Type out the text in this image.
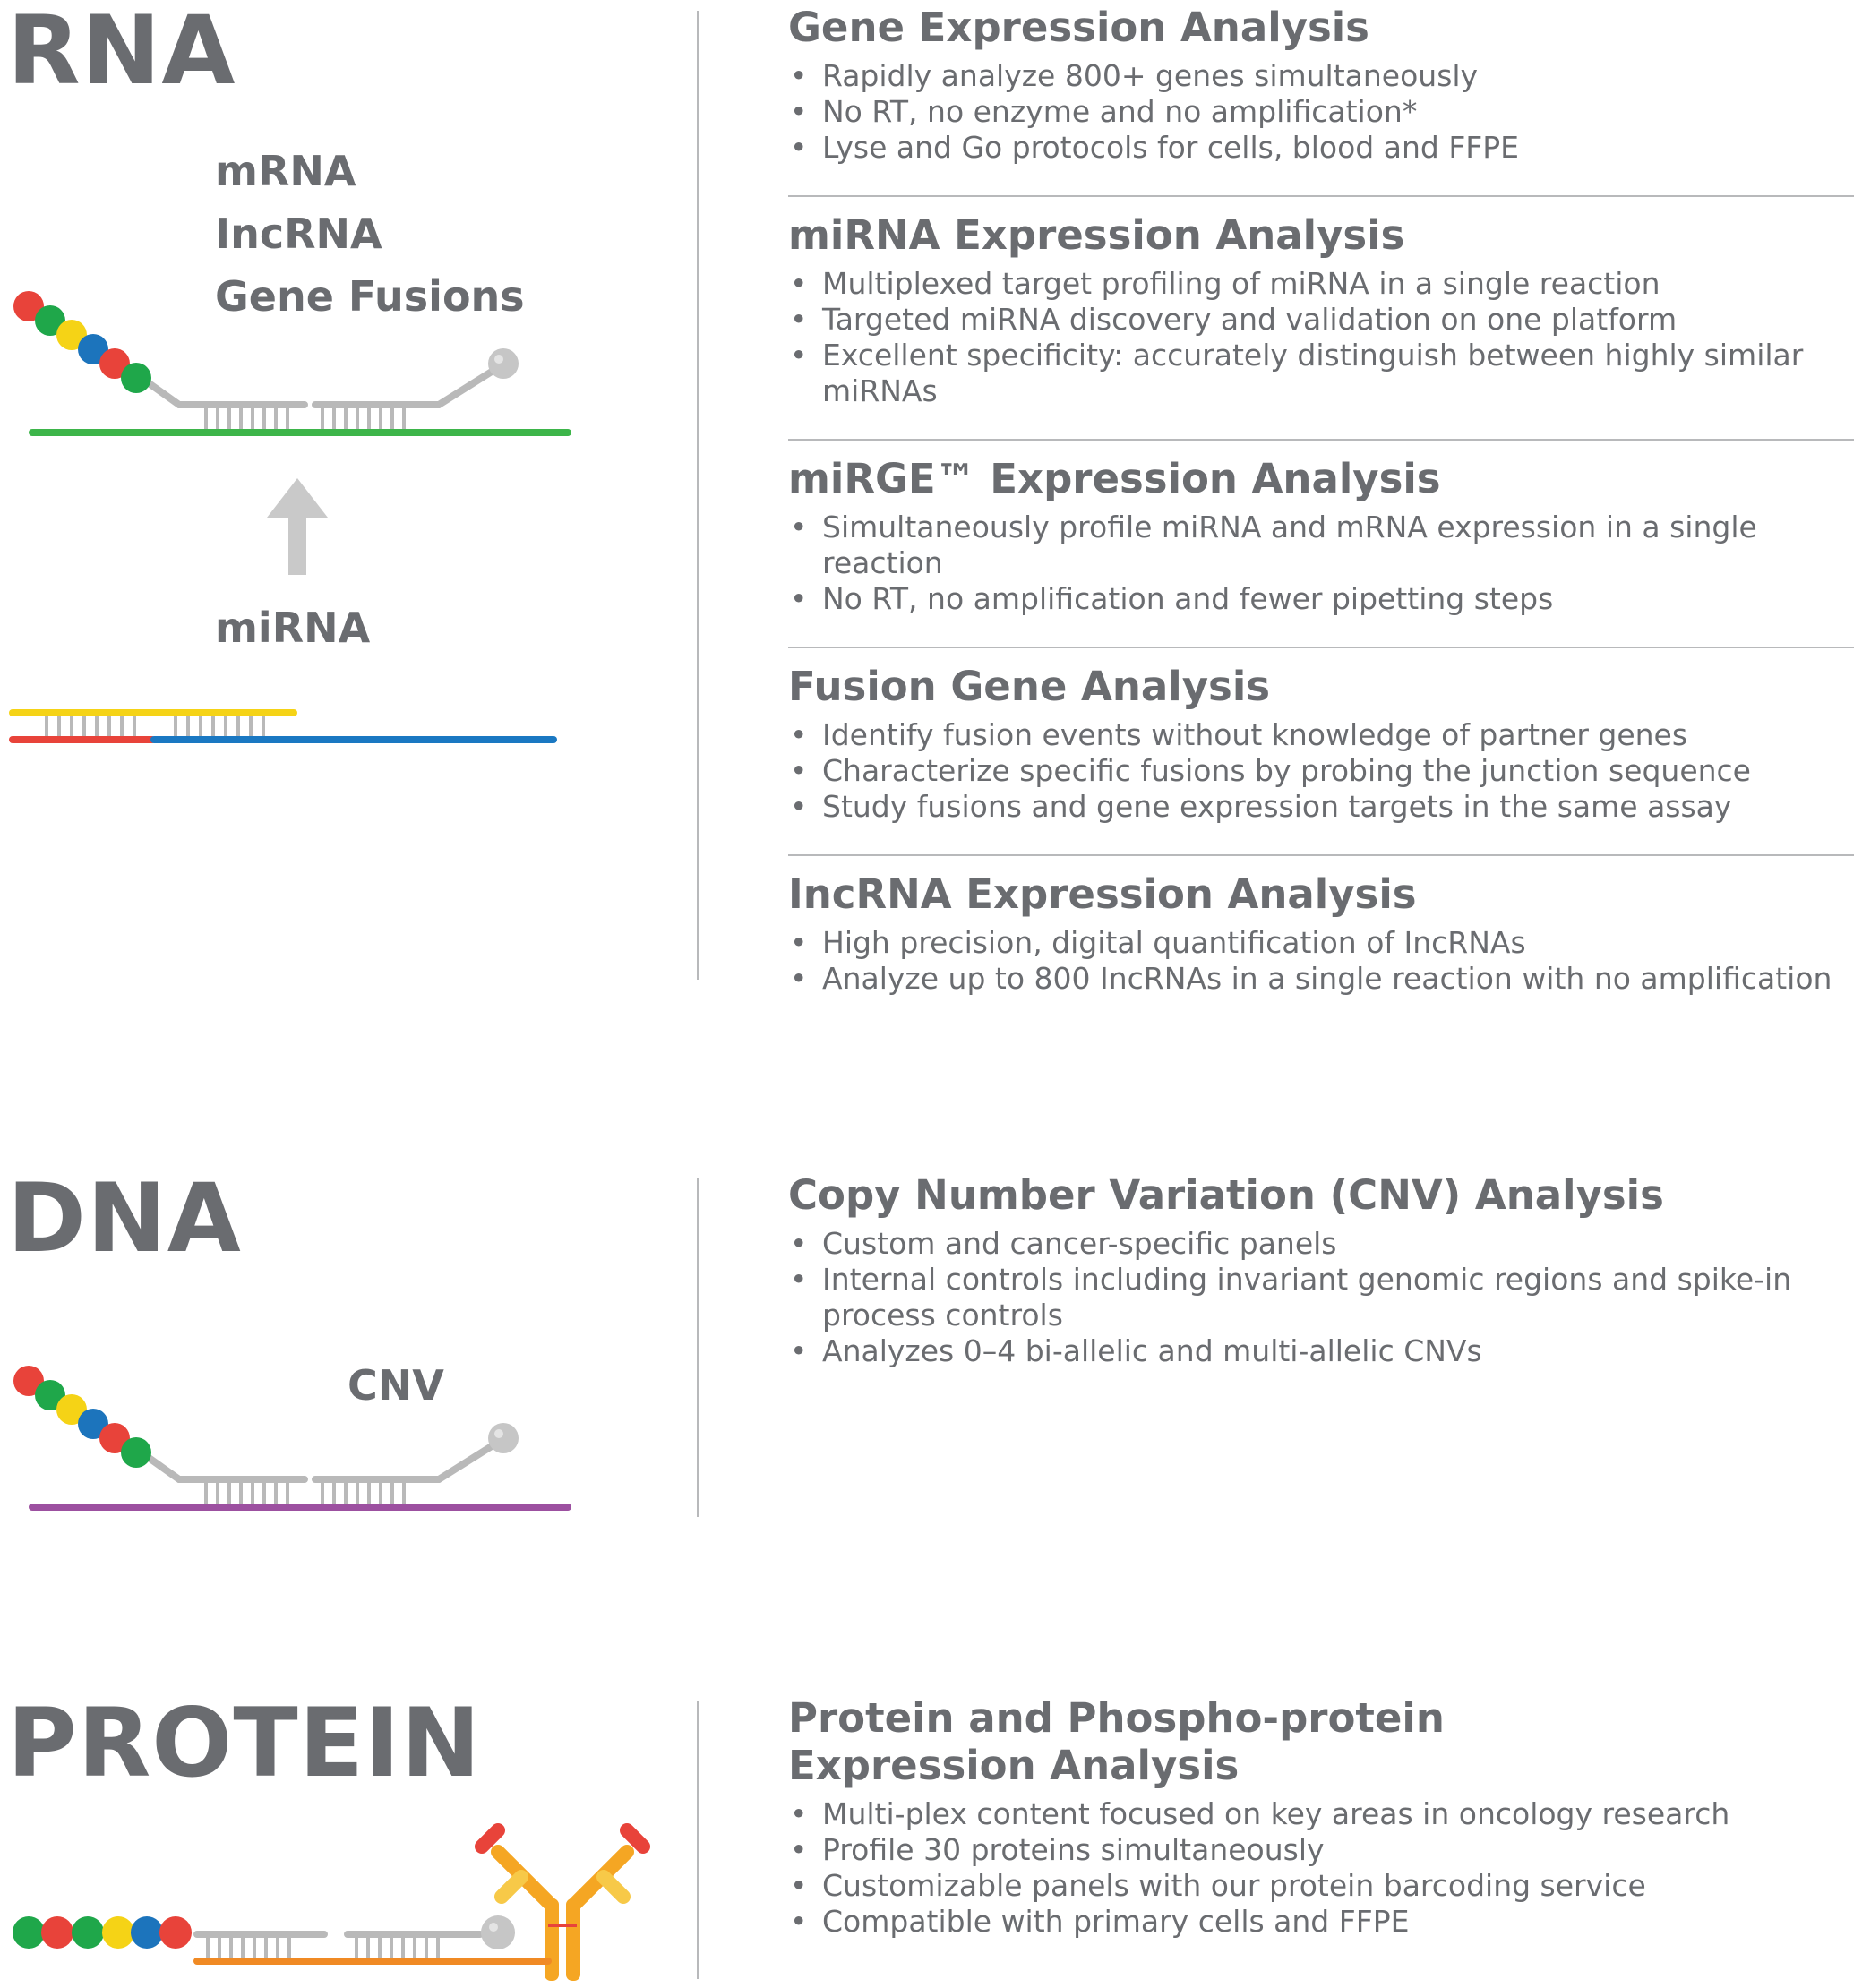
RNA
mRNA
IncRNA
Gene Fusions
miRNA
Gene Expression Analysis
• Rapidly analyze 800+ genes simultaneously
• No RT, no enzyme and no amplification*
• Lyse and Go protocols for cells, blood and FFPE
miRNA Expression Analysis
• Multiplexed target profiling of miRNA in a single reaction
• Targeted miRNA discovery and validation on one platform
• Excellent specificity: accurately distinguish between highly similar miRNAs
miRGE™ Expression Analysis
• Simultaneously profile miRNA and mRNA expression in a single reaction
• No RT, no amplification and fewer pipetting steps
Fusion Gene Analysis
• Identify fusion events without knowledge of partner genes
• Characterize specific fusions by probing the junction sequence
• Study fusions and gene expression targets in the same assay
IncRNA Expression Analysis
• High precision, digital quantification of IncRNAs
• Analyze up to 800 IncRNAs in a single reaction with no amplification
DNA
CNV
Copy Number Variation (CNV) Analysis
• Custom and cancer-specific panels
• Internal controls including invariant genomic regions and spike-in process controls
• Analyzes 0–4 bi-allelic and multi-allelic CNVs
PROTEIN	Protein and Phospho-protein
Expression Analysis
• Multi-plex content focused on key areas in oncology research
• Profile 30 proteins simultaneously
• Customizable panels with our protein barcoding service
• Compatible with primary cells and FFPE
